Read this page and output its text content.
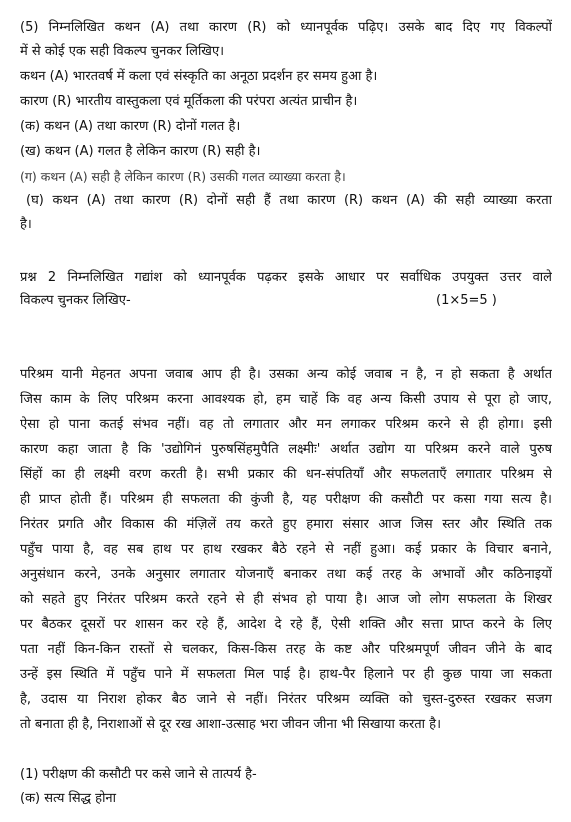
(5) निम्नलिखित कथन (A) तथा कारण (R) को ध्यानपूर्वक पढ़िए। उसके बाद दिए गए विकल्पों
में से कोई एक सही विकल्प चुनकर लिखिए।
कथन (A) भारतवर्ष में कला एवं संस्कृति का अनूठा प्रदर्शन हर समय हुआ है।
कारण (R) भारतीय वास्तुकला एवं मूर्तिकला की परंपरा अत्यंत प्राचीन है।
(क) कथन (A) तथा कारण (R) दोनों गलत है।
(ख) कथन (A) गलत है लेकिन कारण (R) सही है।
(ग) कथन (A) सही है लेकिन कारण (R) उसकी गलत व्याख्या करता है।
(घ) कथन (A) तथा कारण (R) दोनों सही हैं तथा कारण (R) कथन (A) की सही व्याख्या करता
है।
प्रश्न 2 निम्नलिखित गद्यांश को ध्यानपूर्वक पढ़कर इसके आधार पर सर्वाधिक उपयुक्त उत्तर वाले
विकल्प चुनकर लिखिए-	(1×5=5 )
परिश्रम यानी मेहनत अपना जवाब आप ही है। उसका अन्य कोई जवाब न है, न हो सकता है अर्थात
जिस काम के लिए परिश्रम करना आवश्यक हो, हम चाहें कि वह अन्य किसी उपाय से पूरा हो जाए,
ऐसा हो पाना कतई संभव नहीं। वह तो लगातार और मन लगाकर परिश्रम करने से ही होगा। इसी
कारण कहा जाता है कि 'उद्योगिनं पुरुषसिंहमुपैति लक्ष्मीः' अर्थात उद्योग या परिश्रम करने वाले पुरुष
सिंहों का ही लक्ष्मी वरण करती है। सभी प्रकार की धन-संपतियाँ और सफलताएँ लगातार परिश्रम से
ही प्राप्त होती हैं। परिश्रम ही सफलता की कुंजी है, यह परीक्षण की कसौटी पर कसा गया सत्य है।
निरंतर प्रगति और विकास की मंज़िलें तय करते हुए हमारा संसार आज जिस स्तर और स्थिति तक
पहुँच पाया है, वह सब हाथ पर हाथ रखकर बैठे रहने से नहीं हुआ। कई प्रकार के विचार बनाने,
अनुसंधान करने, उनके अनुसार लगातार योजनाएँ बनाकर तथा कई तरह के अभावों और कठिनाइयों
को सहते हुए निरंतर परिश्रम करते रहने से ही संभव हो पाया है। आज जो लोग सफलता के शिखर
पर बैठकर दूसरों पर शासन कर रहे हैं, आदेश दे रहे हैं, ऐसी शक्ति और सत्ता प्राप्त करने के लिए
पता नहीं किन-किन रास्तों से चलकर, किस-किस तरह के कष्ट और परिश्रमपूर्ण जीवन जीने के बाद
उन्हें इस स्थिति में पहुँच पाने में सफलता मिल पाई है। हाथ-पैर हिलाने पर ही कुछ पाया जा सकता
है, उदास या निराश होकर बैठ जाने से नहीं। निरंतर परिश्रम व्यक्ति को चुस्त-दुरुस्त रखकर सजग
तो बनाता ही है, निराशाओं से दूर रख आशा-उत्साह भरा जीवन जीना भी सिखाया करता है।
(1) परीक्षण की कसौटी पर कसे जाने से तात्पर्य है-
(क) सत्य सिद्ध होना
